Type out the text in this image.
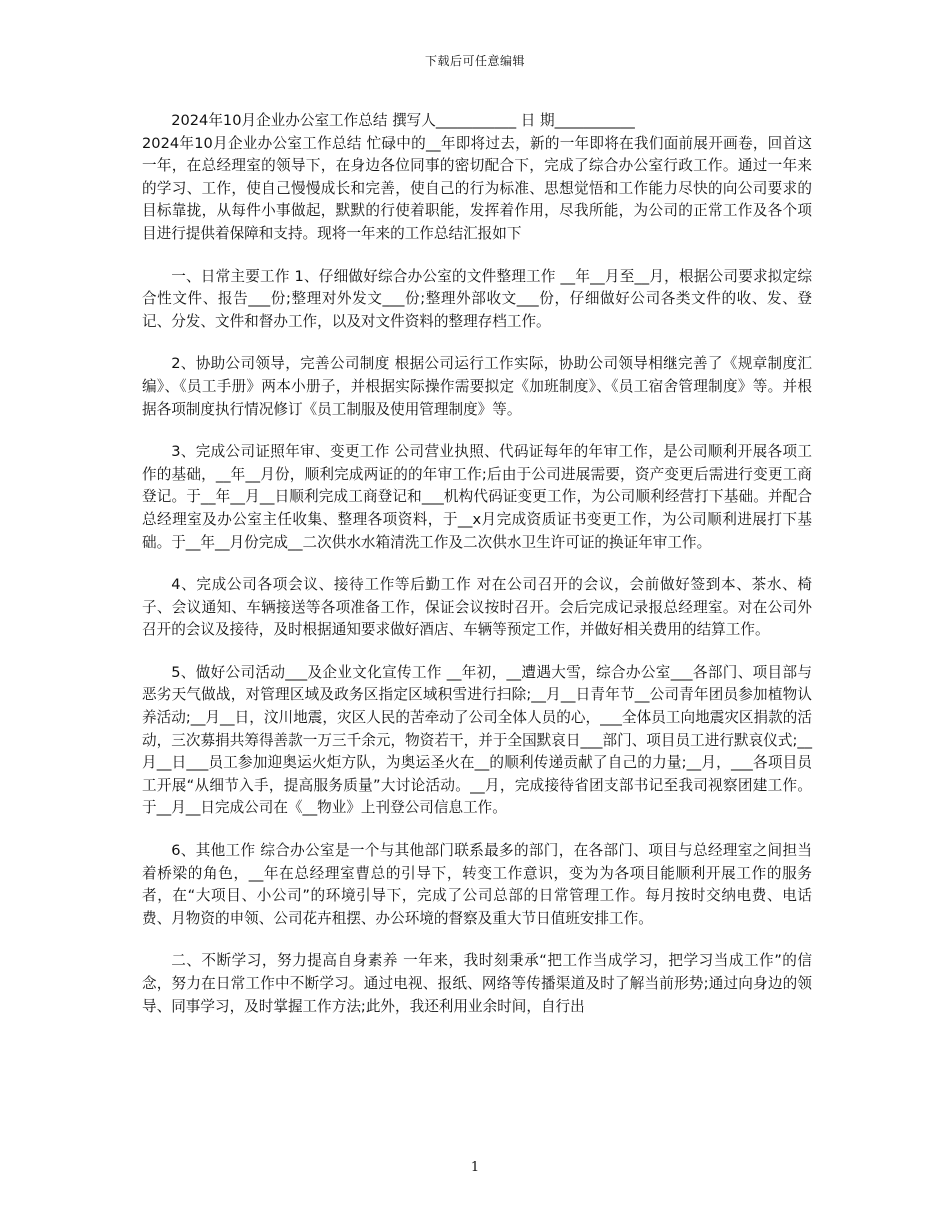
下载后可任意编辑

2024年10月企业办公室工作总结 撰写人___________ 日 期___________

2024年10月企业办公室工作总结 忙碌中的__年即将过去，新的一年即将在我们面前展开画卷，回首这一年，在总经理室的领导下，在身边各位同事的密切配合下，完成了综合办公室行政工作。通过一年来的学习、工作，使自己慢慢成长和完善，使自己的行为标准、思想觉悟和工作能力尽快的向公司要求的目标靠拢，从每件小事做起，默默的行使着职能，发挥着作用，尽我所能，为公司的正常工作及各个项目进行提供着保障和支持。现将一年来的工作总结汇报如下

一、日常主要工作 1、仔细做好综合办公室的文件整理工作 __年__月至__月，根据公司要求拟定综合性文件、报告___份;整理对外发文___份;整理外部收文___份，仔细做好公司各类文件的收、发、登记、分发、文件和督办工作，以及对文件资料的整理存档工作。

2、协助公司领导，完善公司制度 根据公司运行工作实际，协助公司领导相继完善了《规章制度汇编》、《员工手册》两本小册子，并根据实际操作需要拟定《加班制度》、《员工宿舍管理制度》等。并根据各项制度执行情况修订《员工制服及使用管理制度》等。

3、完成公司证照年审、变更工作 公司营业执照、代码证每年的年审工作，是公司顺利开展各项工作的基础，__年__月份，顺利完成两证的的年审工作;后由于公司进展需要，资产变更后需进行变更工商登记。于__年__月__日顺利完成工商登记和___机构代码证变更工作，为公司顺利经营打下基础。并配合总经理室及办公室主任收集、整理各项资料，于__x月完成资质证书变更工作，为公司顺利进展打下基础。于__年__月份完成__二次供水水箱清洗工作及二次供水卫生许可证的换证年审工作。

4、完成公司各项会议、接待工作等后勤工作 对在公司召开的会议，会前做好签到本、茶水、椅子、会议通知、车辆接送等各项准备工作，保证会议按时召开。会后完成记录报总经理室。对在公司外召开的会议及接待，及时根据通知要求做好酒店、车辆等预定工作，并做好相关费用的结算工作。

5、做好公司活动___及企业文化宣传工作 __年初，__遭遇大雪，综合办公室___各部门、项目部与恶劣天气做战，对管理区域及政务区指定区域积雪进行扫除;__月__日青年节__公司青年团员参加植物认养活动;__月__日，汶川地震，灾区人民的苦牵动了公司全体人员的心，___全体员工向地震灾区捐款的活动，三次募捐共筹得善款一万三千余元，物资若干，并于全国默哀日___部门、项目员工进行默哀仪式;__月__日___员工参加迎奥运火炬方队，为奥运圣火在__的顺利传递贡献了自己的力量;__月，___各项目员工开展“从细节入手，提高服务质量”大讨论活动。__月，完成接待省团支部书记至我司视察团建工作。于__月__日完成公司在《__物业》上刊登公司信息工作。

6、其他工作 综合办公室是一个与其他部门联系最多的部门，在各部门、项目与总经理室之间担当着桥梁的角色，__年在总经理室曹总的引导下，转变工作意识，变为为各项目能顺利开展工作的服务者，在“大项目、小公司”的环境引导下，完成了公司总部的日常管理工作。每月按时交纳电费、电话费、月物资的申领、公司花卉租摆、办公环境的督察及重大节日值班安排工作。

二、不断学习，努力提高自身素养 一年来，我时刻秉承“把工作当成学习，把学习当成工作”的信念，努力在日常工作中不断学习。通过电视、报纸、网络等传播渠道及时了解当前形势;通过向身边的领导、同事学习，及时掌握工作方法;此外，我还利用业余时间，自行出

1
